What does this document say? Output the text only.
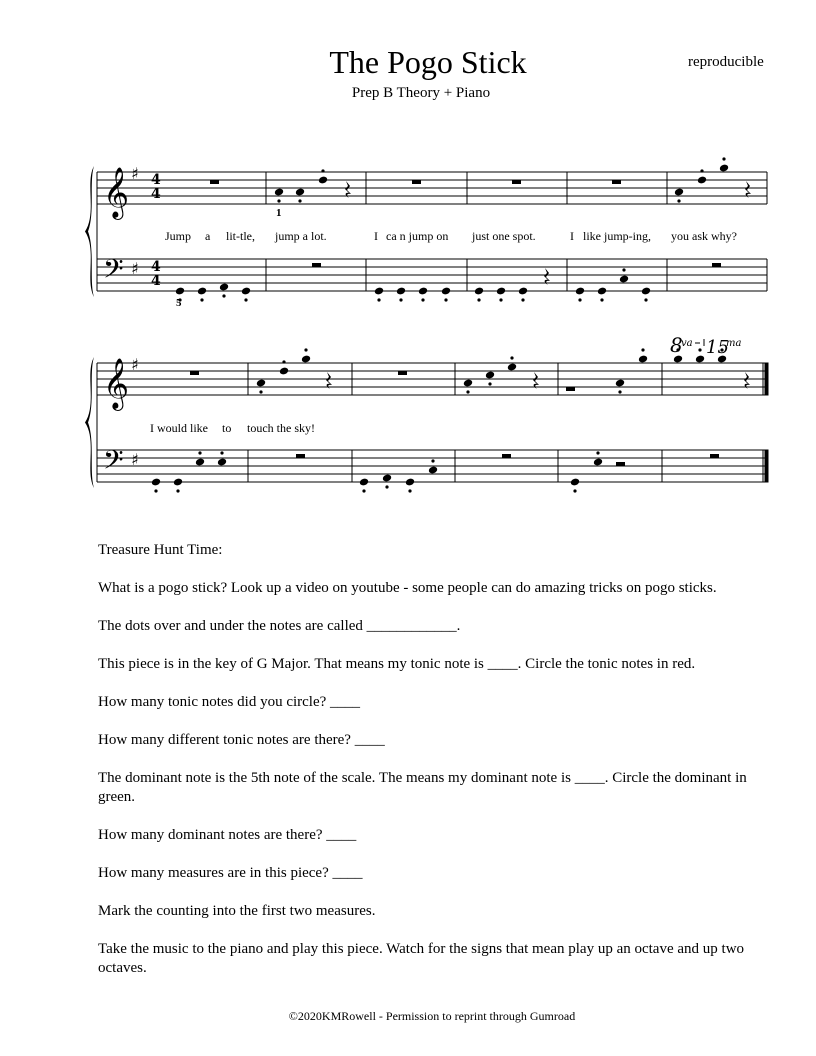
The Pogo Stick
Prep B Theory + Piano
reproducible
𝄞
𝄢
♯
♯
𝄞
𝄢
♯
♯
4
4
4
4
1
5
Jump a lit-tle, jump a lot.	I ca n jump on just one spot.	I like jump-ing, you ask why?
I would like to touch the sky!
8
va 15
ma

Treasure Hunt Time:

What is a pogo stick? Look up a video on youtube - some people can do amazing tricks on pogo sticks.

The dots over and under the notes are called ____________.

This piece is in the key of G Major. That means my tonic note is ____. Circle the tonic notes in red.

How many tonic notes did you circle? ____

How many different tonic notes are there? ____

The dominant note is the 5th note of the scale. The means my dominant note is ____. Circle the dominant in green.

How many dominant notes are there? ____

How many measures are in this piece? ____

Mark the counting into the first two measures.

Take the music to the piano and play this piece. Watch for the signs that mean play up an octave and up two octaves.

©2020KMRowell - Permission to reprint through Gumroad
